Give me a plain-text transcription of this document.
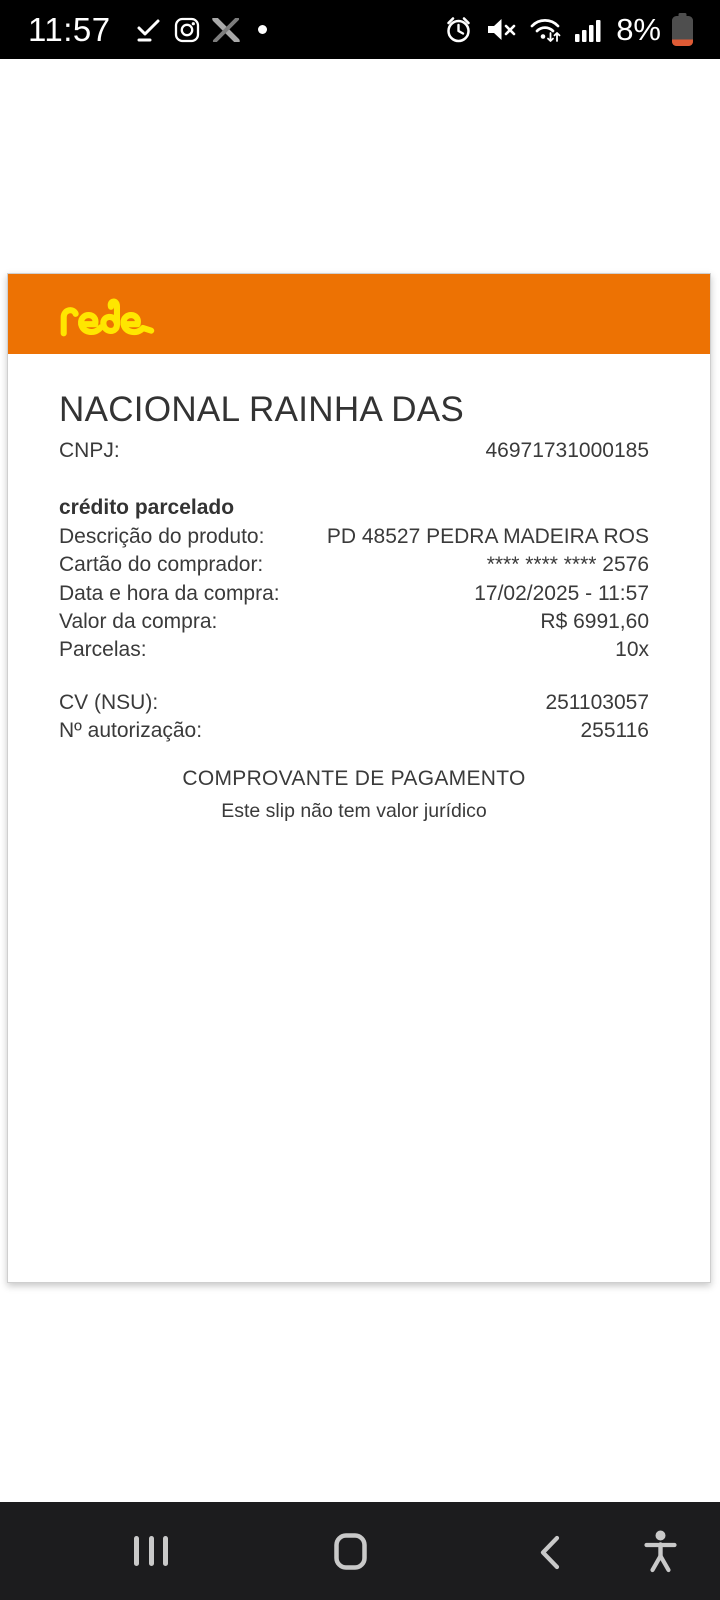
11:57	8%
NACIONAL RAINHA DAS
CNPJ:	46971731000185
crédito parcelado
Descrição do produto:	PD 48527 PEDRA MADEIRA ROS
Cartão do comprador:	**** **** **** 2576
Data e hora da compra:	17/02/2025 - 11:57
Valor da compra:	R$ 6991,60
Parcelas:	10x
CV (NSU):	251103057
Nº autorização:	255116
COMPROVANTE DE PAGAMENTO
Este slip não tem valor jurídico
